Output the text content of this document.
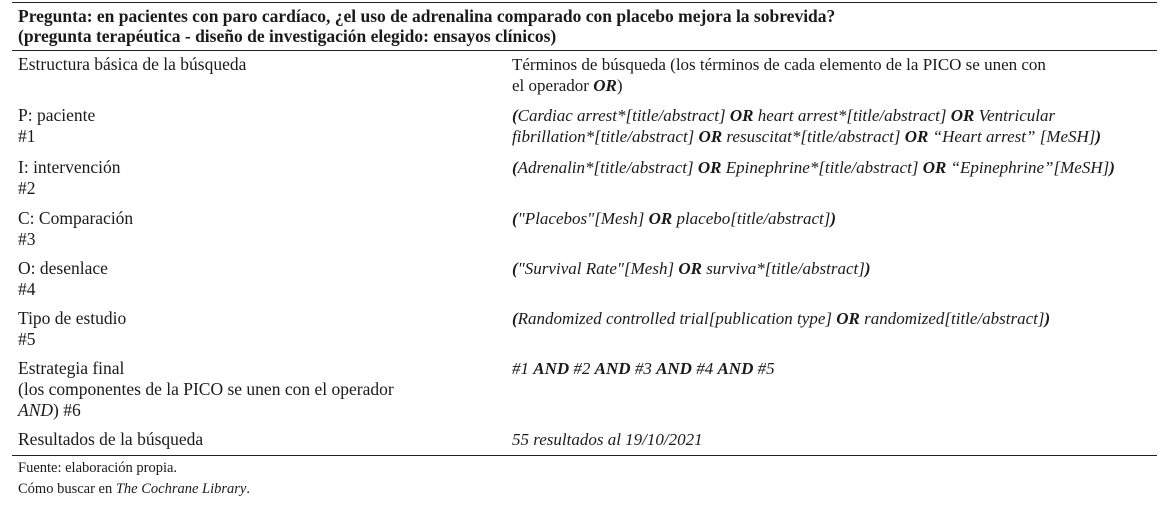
Pregunta: en pacientes con paro cardíaco, ¿el uso de adrenalina comparado con placebo mejora la sobrevida?
(pregunta terapéutica - diseño de investigación elegido: ensayos clínicos)
Estructura básica de la búsqueda	Términos de búsqueda (los términos de cada elemento de la PICO se unen con
el operador OR)
P: paciente
#1
(Cardiac arrest*[title/abstract] OR heart arrest*[title/abstract] OR Ventricular
fibrillation*[title/abstract] OR resuscitat*[title/abstract] OR “Heart arrest” [MeSH])
I: intervención
#2
(Adrenalin*[title/abstract] OR Epinephrine*[title/abstract] OR “Epinephrine”[MeSH])
C: Comparación
#3
("Placebos"[Mesh] OR placebo[title/abstract])
O: desenlace
#4
("Survival Rate"[Mesh] OR surviva*[title/abstract])
Tipo de estudio
#5
(Randomized controlled trial[publication type] OR randomized[title/abstract])
Estrategia final
(los componentes de la PICO se unen con el operador
AND) #6
#1 AND #2 AND #3 AND #4 AND #5
Resultados de la búsqueda	55 resultados al 19/10/2021
Fuente: elaboración propia.
Cómo buscar en The Cochrane Library.
